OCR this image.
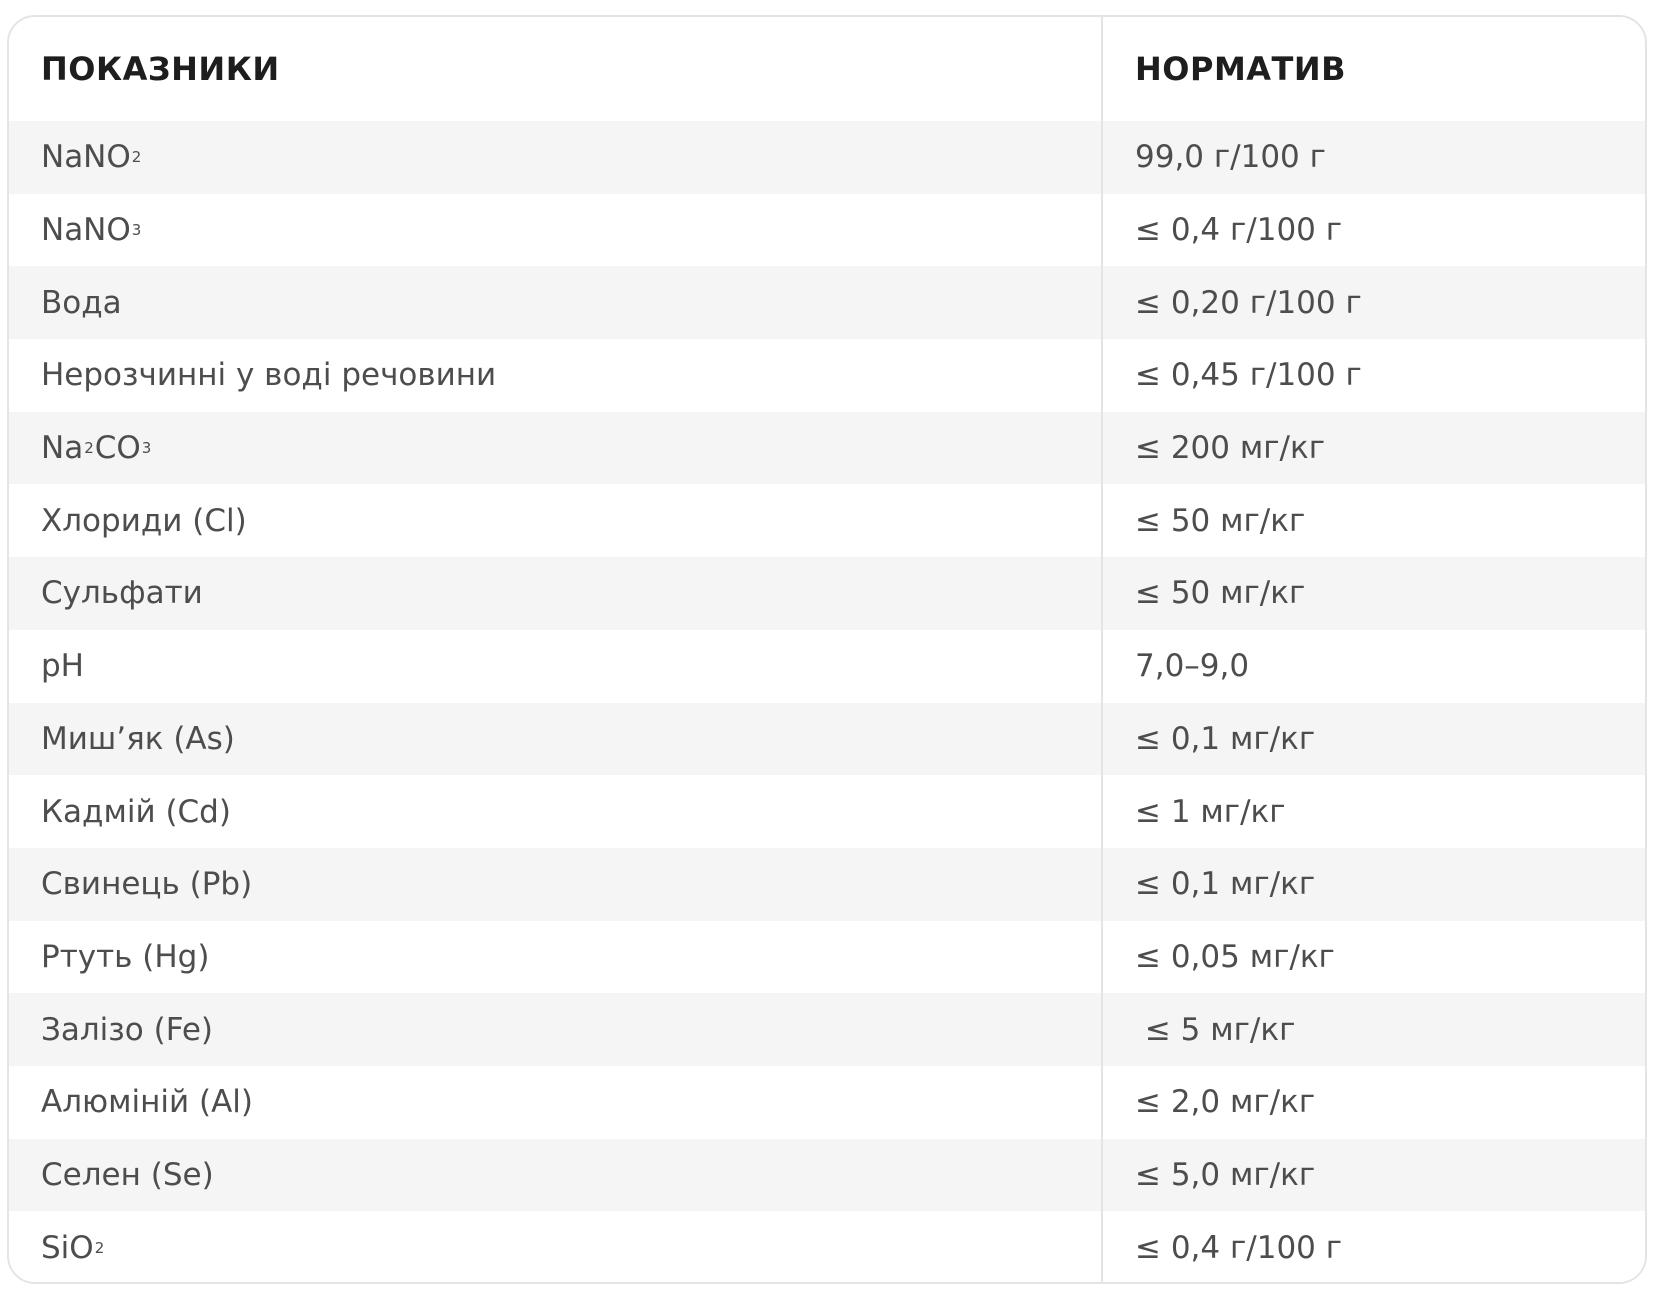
ПОКАЗНИКИ	НОРМАТИВ
NaNO 2	99,0 г/100 г
NaNO 3	≤ 0,4 г/100 г
Вода	≤ 0,20 г/100 г
Нерозчинні у воді речовини	≤ 0,45 г/100 г
Na 2 CO 3	≤ 200 мг/кг
Хлориди (Cl)	≤ 50 мг/кг
Сульфати	≤ 50 мг/кг
pH	7,0–9,0
Миш’як (As)	≤ 0,1 мг/кг
Кадмій (Cd)	≤ 1 мг/кг
Свинець (Pb)	≤ 0,1 мг/кг
Ртуть (Hg)	≤ 0,05 мг/кг
Залізо (Fe)	≤ 5 мг/кг
Алюміній (Al)	≤ 2,0 мг/кг
Селен (Se)	≤ 5,0 мг/кг
SiO 2	≤ 0,4 г/100 г
